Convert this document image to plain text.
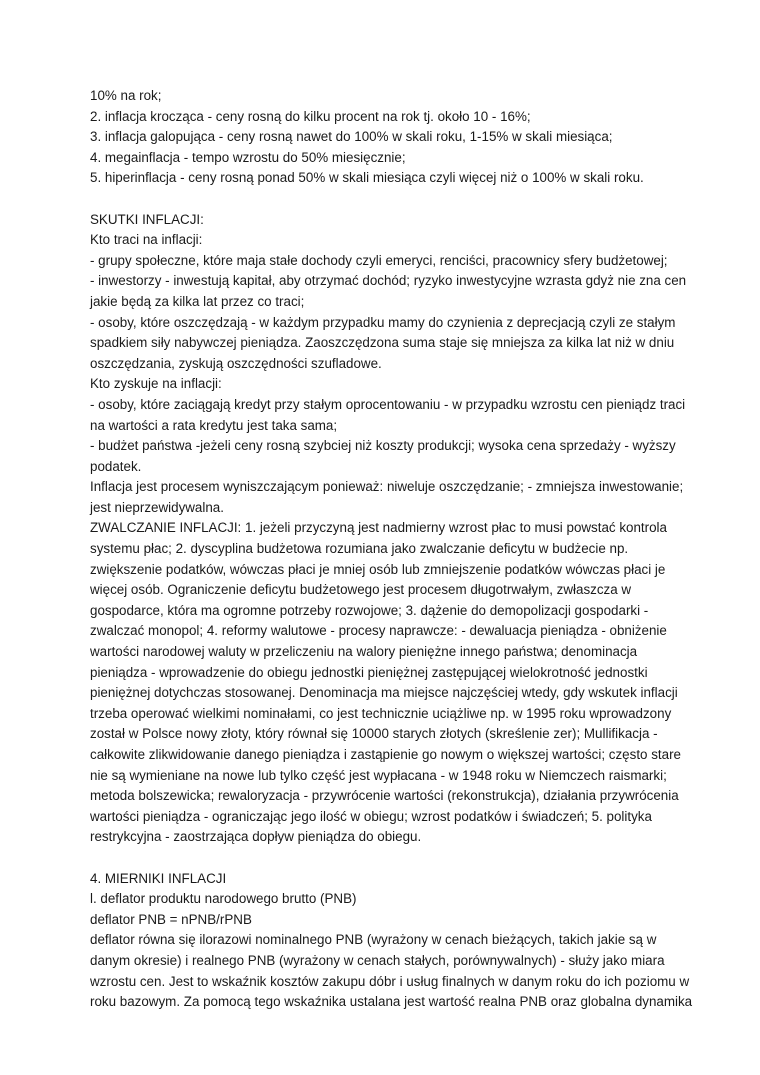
10% na rok;
2. inflacja krocząca - ceny rosną do kilku procent na rok tj. około 10 - 16%;
3. inflacja galopująca - ceny rosną nawet do 100% w skali roku, 1-15% w skali miesiąca;
4. megainflacja - tempo wzrostu do 50% miesięcznie;
5. hiperinflacja - ceny rosną ponad 50% w skali miesiąca czyli więcej niż o 100% w skali roku.
SKUTKI INFLACJI:
Kto traci na inflacji:
- grupy społeczne, które maja stałe dochody czyli emeryci, renciści, pracownicy sfery budżetowej;
- inwestorzy - inwestują kapitał, aby otrzymać dochód; ryzyko inwestycyjne wzrasta gdyż nie zna cen
jakie będą za kilka lat przez co traci;
- osoby, które oszczędzają - w każdym przypadku mamy do czynienia z deprecjacją czyli ze stałym
spadkiem siły nabywczej pieniądza. Zaoszczędzona suma staje się mniejsza za kilka lat niż w dniu
oszczędzania, zyskują oszczędności szufladowe.
Kto zyskuje na inflacji:
- osoby, które zaciągają kredyt przy stałym oprocentowaniu - w przypadku wzrostu cen pieniądz traci
na wartości a rata kredytu jest taka sama;
- budżet państwa -jeżeli ceny rosną szybciej niż koszty produkcji; wysoka cena sprzedaży - wyższy
podatek.
Inflacja jest procesem wyniszczającym ponieważ: niweluje oszczędzanie; - zmniejsza inwestowanie;
jest nieprzewidywalna.
ZWALCZANIE INFLACJI: 1. jeżeli przyczyną jest nadmierny wzrost płac to musi powstać kontrola
systemu płac; 2. dyscyplina budżetowa rozumiana jako zwalczanie deficytu w budżecie np.
zwiększenie podatków, wówczas płaci je mniej osób lub zmniejszenie podatków wówczas płaci je
więcej osób. Ograniczenie deficytu budżetowego jest procesem długotrwałym, zwłaszcza w
gospodarce, która ma ogromne potrzeby rozwojowe; 3. dążenie do demopolizacji gospodarki -
zwalczać monopol; 4. reformy walutowe - procesy naprawcze: - dewaluacja pieniądza - obniżenie
wartości narodowej waluty w przeliczeniu na walory pieniężne innego państwa; denominacja
pieniądza - wprowadzenie do obiegu jednostki pieniężnej zastępującej wielokrotność jednostki
pieniężnej dotychczas stosowanej. Denominacja ma miejsce najczęściej wtedy, gdy wskutek inflacji
trzeba operować wielkimi nominałami, co jest technicznie uciążliwe np. w 1995 roku wprowadzony
został w Polsce nowy złoty, który równał się 10000 starych złotych (skreślenie zer); Mullifikacja -
całkowite zlikwidowanie danego pieniądza i zastąpienie go nowym o większej wartości; często stare
nie są wymieniane na nowe lub tylko część jest wypłacana - w 1948 roku w Niemczech raismarki;
metoda bolszewicka; rewaloryzacja - przywrócenie wartości (rekonstrukcja), działania przywrócenia
wartości pieniądza - ograniczając jego ilość w obiegu; wzrost podatków i świadczeń; 5. polityka
restrykcyjna - zaostrzająca dopływ pieniądza do obiegu.
4. MIERNIKI INFLACJI
l. deflator produktu narodowego brutto (PNB)
deflator PNB = nPNB/rPNB
deflator równa się ilorazowi nominalnego PNB (wyrażony w cenach bieżących, takich jakie są w
danym okresie) i realnego PNB (wyrażony w cenach stałych, porównywalnych) - służy jako miara
wzrostu cen. Jest to wskaźnik kosztów zakupu dóbr i usług finalnych w danym roku do ich poziomu w
roku bazowym. Za pomocą tego wskaźnika ustalana jest wartość realna PNB oraz globalna dynamika
